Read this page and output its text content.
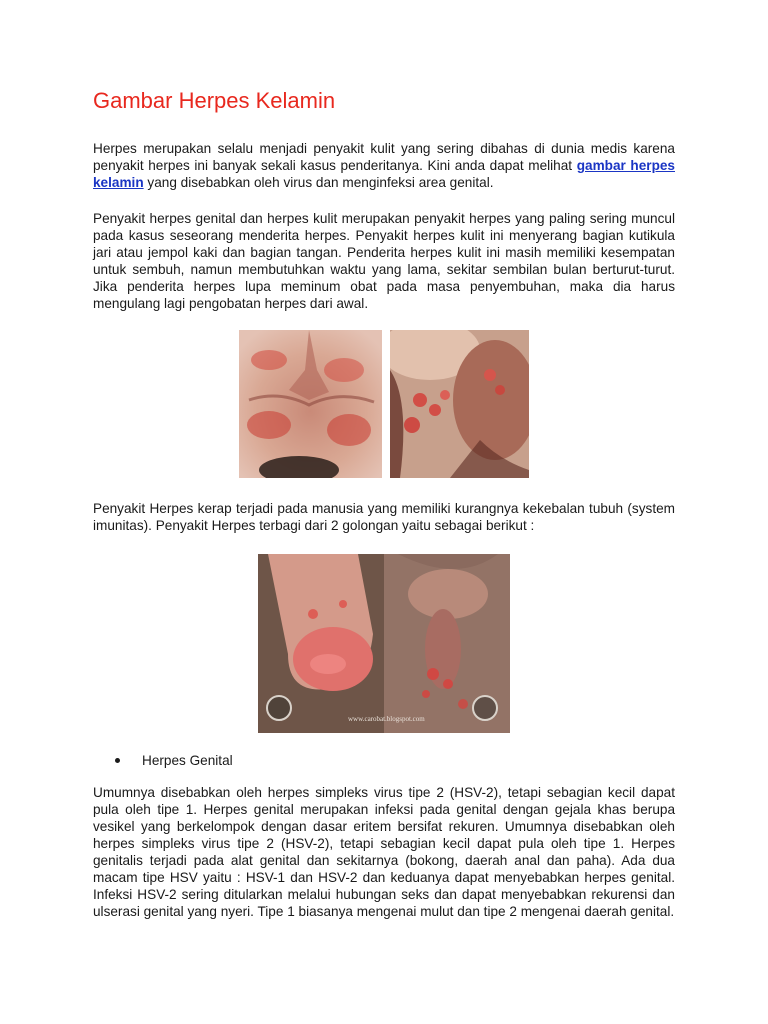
Gambar Herpes Kelamin

Herpes merupakan selalu menjadi penyakit kulit yang sering dibahas di dunia medis karena penyakit herpes ini banyak sekali kasus penderitanya. Kini anda dapat melihat gambar herpes kelamin yang disebabkan oleh virus dan menginfeksi area genital.

Penyakit herpes genital dan herpes kulit merupakan penyakit herpes yang paling sering muncul pada kasus seseorang menderita herpes. Penyakit herpes kulit ini menyerang bagian kutikula jari atau jempol kaki dan bagian tangan. Penderita herpes kulit ini masih memiliki kesempatan untuk sembuh, namun membutuhkan waktu yang lama, sekitar sembilan bulan berturut-turut. Jika penderita herpes lupa meminum obat pada masa penyembuhan, maka dia harus mengulang lagi pengobatan herpes dari awal.

Penyakit Herpes kerap terjadi pada manusia yang memiliki kurangnya kekebalan tubuh (system imunitas). Penyakit Herpes terbagi dari 2 golongan yaitu sebagai berikut :

www.carobat.blogspot.com
Herpes Genital

Umumnya disebabkan oleh herpes simpleks virus tipe 2 (HSV-2), tetapi sebagian kecil dapat pula oleh tipe 1. Herpes genital merupakan infeksi pada genital dengan gejala khas berupa vesikel yang berkelompok dengan dasar eritem bersifat rekuren. Umumnya disebabkan oleh herpes simpleks virus tipe 2 (HSV-2), tetapi sebagian kecil dapat pula oleh tipe 1. Herpes genitalis terjadi pada alat genital dan sekitarnya (bokong, daerah anal dan paha). Ada dua macam tipe HSV yaitu : HSV-1 dan HSV-2 dan keduanya dapat menyebabkan herpes genital. Infeksi HSV-2 sering ditularkan melalui hubungan seks dan dapat menyebabkan rekurensi dan ulserasi genital yang nyeri. Tipe 1 biasanya mengenai mulut dan tipe 2 mengenai daerah genital.
